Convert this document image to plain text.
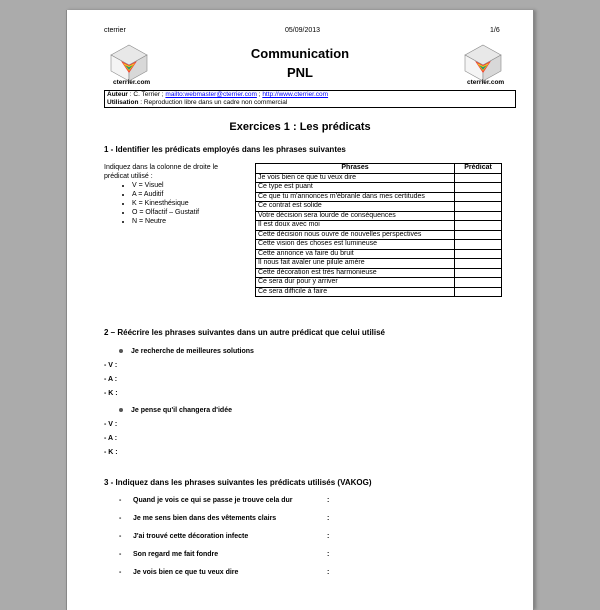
cterrier	05/09/2013	1/6
cterrier.com	cterrier.com
Communication
PNL
Auteur : C. Terrier ; mailto:webmaster@cterrier.com ; http://www.cterrier.com
Utilisation : Reproduction libre dans un cadre non commercial
Exercices 1 : Les prédicats
1 - Identifier les prédicats employés dans les phrases suivantes
Indiquez dans la colonne de droite le
prédicat utilisé :
• V = Visuel
• A = Auditif
• K = Kinesthésique
• O = Olfactif – Gustatif
• N = Neutre
Phrases	Prédicat
Je vois bien ce que tu veux dire	
Ce type est puant	
Ce que tu m'annonces m'ébranle dans mes certitudes	
Ce contrat est solide	
Votre décision sera lourde de conséquences	
Il est doux avec moi	
Cette décision nous ouvre de nouvelles perspectives	
Cette vision des choses est lumineuse	
Cette annonce va faire du bruit	
Il nous fait avaler une pilule amère	
Cette décoration est très harmonieuse	
Ce sera dur pour y arriver	
Ce sera difficile à faire	
2 – Réécrire les phrases suivantes dans un autre prédicat que celui utilisé
Je recherche de meilleures solutions
- V :
- A :
- K :
Je pense qu'il changera d'idée
- V :
- A :
- K :
3 - Indiquez dans les phrases suivantes les prédicats utilisés (VAKOG)
- Quand je vois ce qui se passe je trouve cela dur	:
- Je me sens bien dans des vêtements clairs	:
- J'ai trouvé cette décoration infecte	:
- Son regard me fait fondre	:
- Je vois bien ce que tu veux dire	:
